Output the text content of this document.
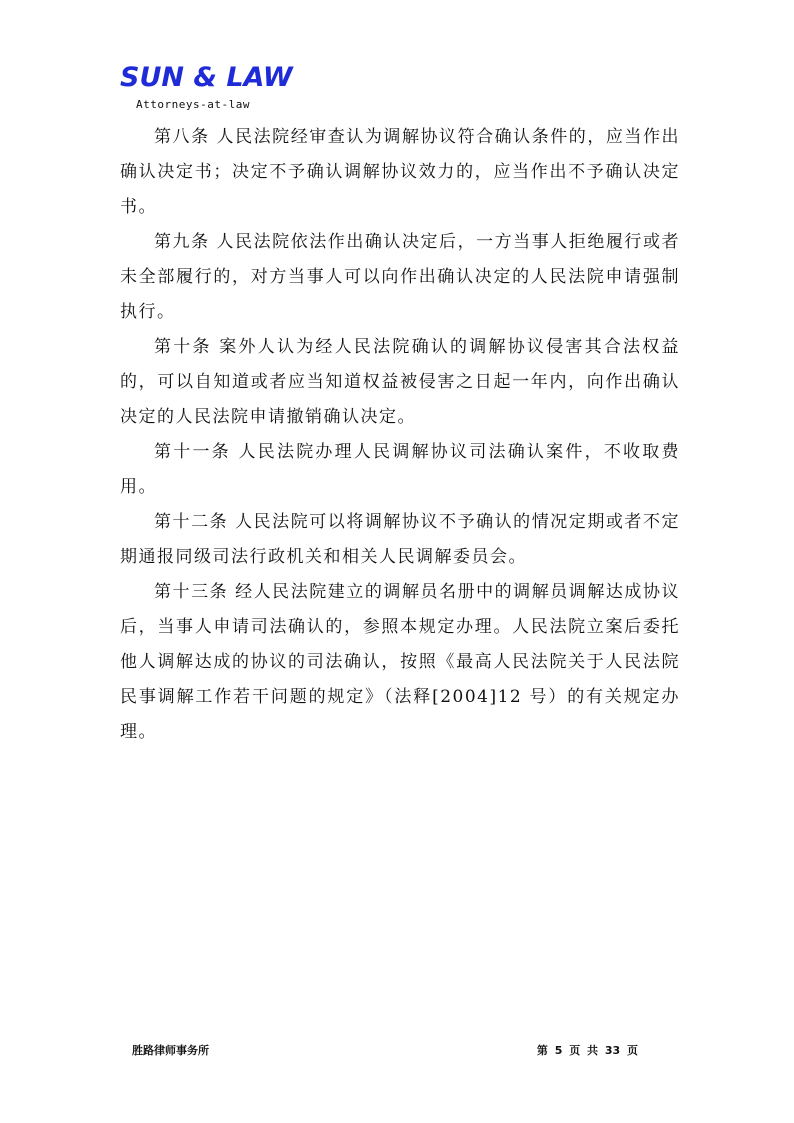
SUN & LAW
Attorneys-at-law

第八条 人民法院经审查认为调解协议符合确认条件的，应当作出确认决定书；决定不予确认调解协议效力的，应当作出不予确认决定书。

第九条 人民法院依法作出确认决定后，一方当事人拒绝履行或者未全部履行的，对方当事人可以向作出确认决定的人民法院申请强制执行。

第十条 案外人认为经人民法院确认的调解协议侵害其合法权益的，可以自知道或者应当知道权益被侵害之日起一年内，向作出确认决定的人民法院申请撤销确认决定。

第十一条 人民法院办理人民调解协议司法确认案件，不收取费用。

第十二条 人民法院可以将调解协议不予确认的情况定期或者不定期通报同级司法行政机关和相关人民调解委员会。

第十三条 经人民法院建立的调解员名册中的调解员调解达成协议后，当事人申请司法确认的，参照本规定办理。人民法院立案后委托他人调解达成的协议的司法确认，按照《最高人民法院关于人民法院民事调解工作若干问题的规定》（法释[2004]12 号）的有关规定办理。

胜路律师事务所	第 5 页 共 33 页
